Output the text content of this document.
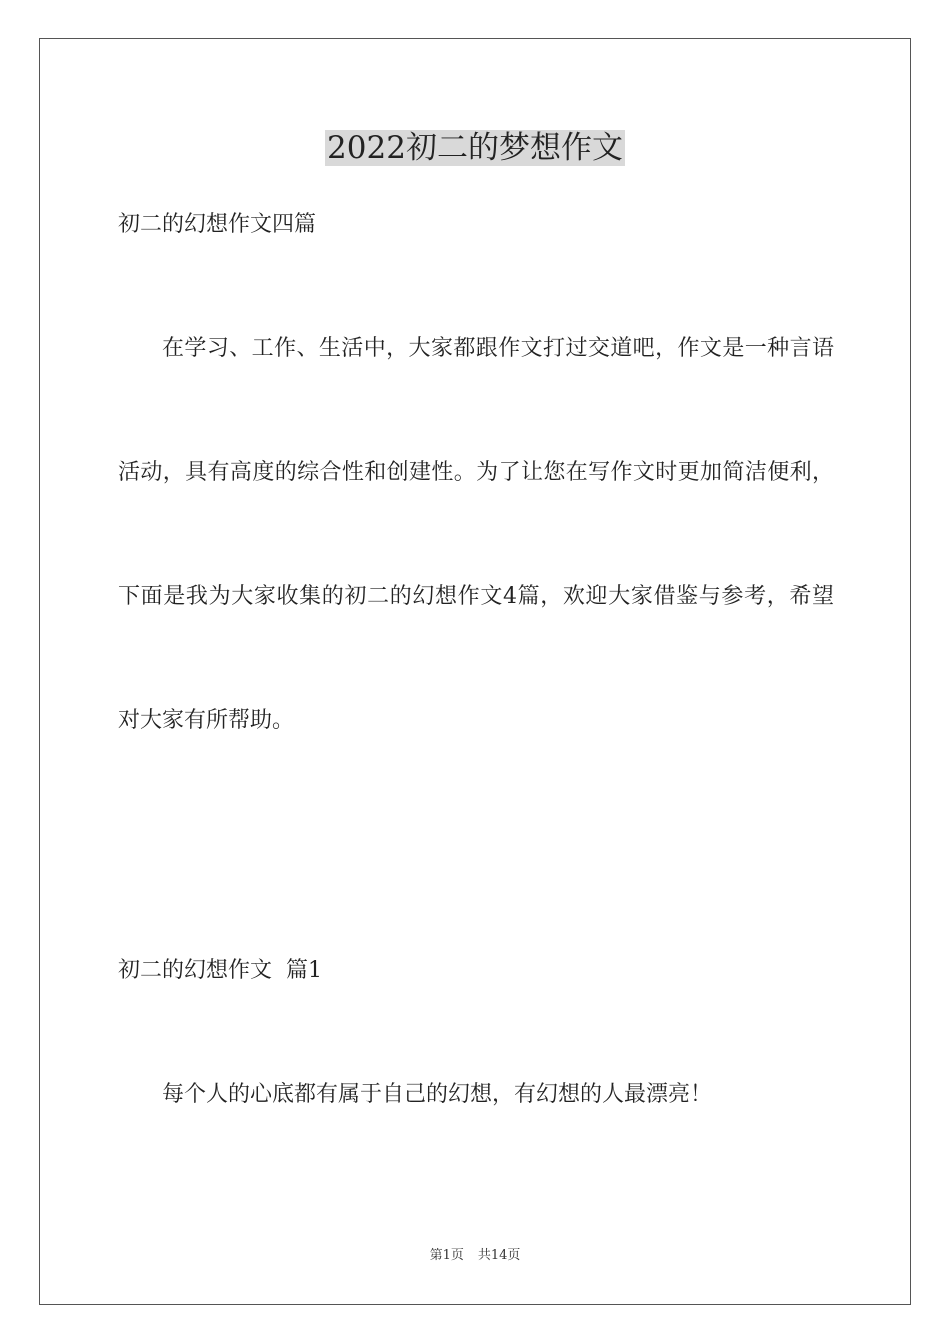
2022初二的梦想作文
初二的幻想作文四篇
在学习、工作、生活中，大家都跟作文打过交道吧，作文是一种言语活动，具有高度的综合性和创建性。为了让您在写作文时更加简洁便利，下面是我为大家收集的初二的幻想作文4篇，欢迎大家借鉴与参考，希望对大家有所帮助。
初二的幻想作文  篇1
每个人的心底都有属于自己的幻想，有幻想的人最漂亮！
第1页 共14页
